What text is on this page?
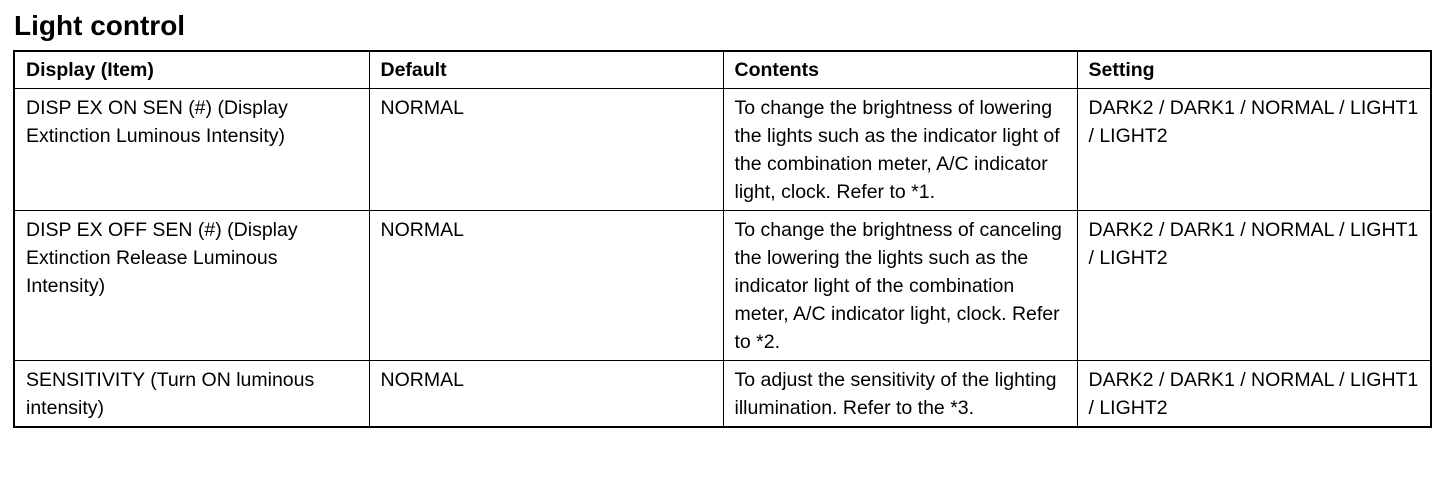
Light control
Display (Item)	Default	Contents	Setting
DISP EX ON SEN (#) (Display Extinction Luminous Intensity)	NORMAL	To change the brightness of lowering the lights such as the indicator light of the combination meter, A/C indicator light, clock. Refer to *1.	DARK2 / DARK1 / NORMAL / LIGHT1 / LIGHT2
DISP EX OFF SEN (#) (Display Extinction Release Luminous Intensity)	NORMAL	To change the brightness of canceling the lowering the lights such as the indicator light of the combination meter, A/C indicator light, clock. Refer to *2.	DARK2 / DARK1 / NORMAL / LIGHT1 / LIGHT2
SENSITIVITY (Turn ON luminous intensity)	NORMAL	To adjust the sensitivity of the lighting illumination. Refer to the *3.	DARK2 / DARK1 / NORMAL / LIGHT1 / LIGHT2
